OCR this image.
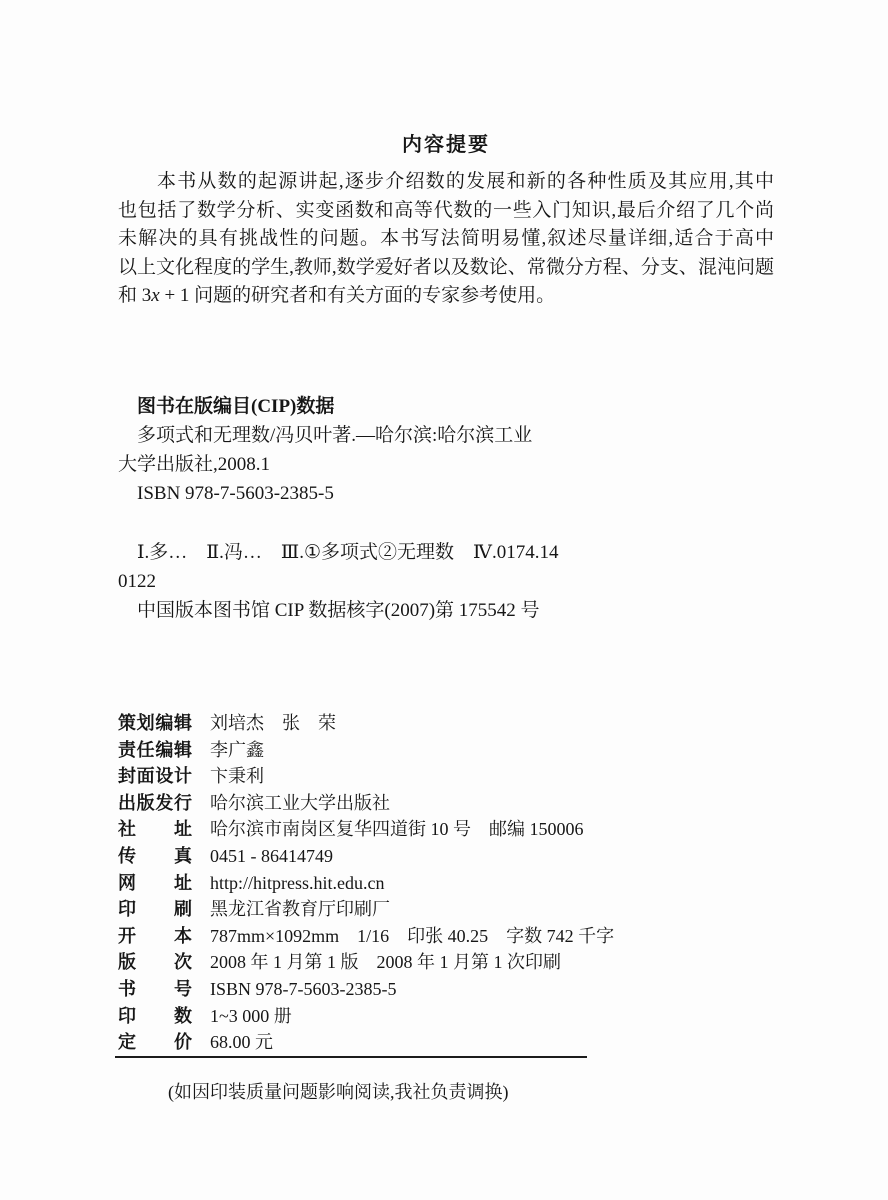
内容提要
本书从数的起源讲起,逐步介绍数的发展和新的各种性质及其应用,其中
也包括了数学分析、实变函数和高等代数的一些入门知识,最后介绍了几个尚
未解决的具有挑战性的问题。本书写法简明易懂,叙述尽量详细,适合于高中
以上文化程度的学生,教师,数学爱好者以及数论、常微分方程、分支、混沌问题
和 3x + 1 问题的研究者和有关方面的专家参考使用。
图书在版编目(CIP)数据
多项式和无理数/冯贝叶著.—哈尔滨:哈尔滨工业
大学出版社,2008.1
ISBN 978-7-5603-2385-5
Ⅰ.多…　Ⅱ.冯…　Ⅲ.①多项式②无理数　Ⅳ.0174.14
0122
中国版本图书馆 CIP 数据核字(2007)第 175542 号
策划编辑 刘培杰　张　荣
责任编辑 李广鑫
封面设计 卞秉利
出版发行 哈尔滨工业大学出版社
社址 哈尔滨市南岗区复华四道街 10 号　邮编 150006
传真 0451 - 86414749
网址 http://hitpress.hit.edu.cn
印刷 黑龙江省教育厅印刷厂
开本 787mm×1092mm　1/16　印张 40.25　字数 742 千字
版次 2008 年 1 月第 1 版　2008 年 1 月第 1 次印刷
书号 ISBN 978-7-5603-2385-5
印数 1~3 000 册
定价 68.00 元
(如因印装质量问题影响阅读,我社负责调换)
